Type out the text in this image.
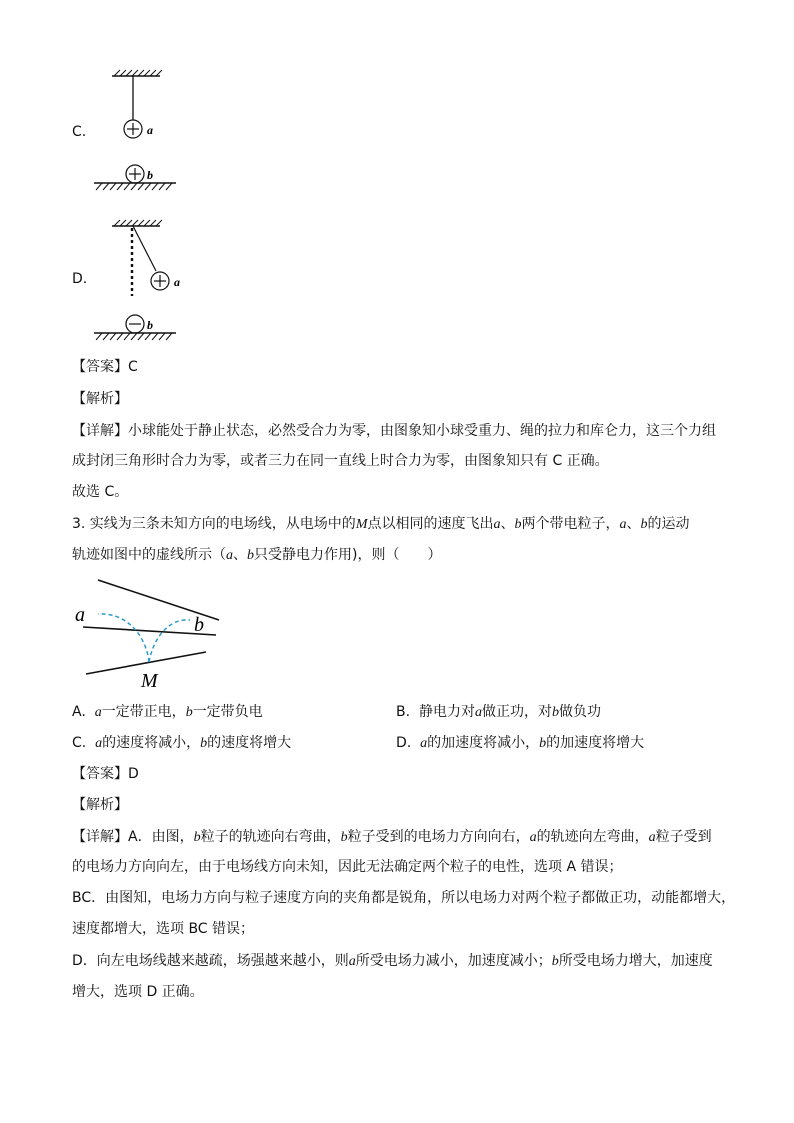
C.	a
b
D.	a
b
【答案】C
【解析】
【详解】小球能处于静止状态，必然受合力为零，由图象知小球受重力、绳的拉力和库仑力，这三个力组
成封闭三角形时合力为零，或者三力在同一直线上时合力为零，由图象知只有 C 正确。
故选 C。
3. 实线为三条未知方向的电场线，从电场中的M点以相同的速度飞出a、b两个带电粒子，a、b的运动
轨迹如图中的虚线所示（a、b只受静电力作用)，则（　　）
a	b
M
A. a一定带正电，b一定带负电	B. 静电力对a做正功，对b做负功
C. a的速度将减小，b的速度将增大	D. a的加速度将减小，b的加速度将增大
【答案】D
【解析】
【详解】A．由图，b粒子的轨迹向右弯曲，b粒子受到的电场力方向向右，a的轨迹向左弯曲，a粒子受到
的电场力方向向左，由于电场线方向未知，因此无法确定两个粒子的电性，选项 A 错误；
BC．由图知，电场力方向与粒子速度方向的夹角都是锐角，所以电场力对两个粒子都做正功，动能都增大，
速度都增大，选项 BC 错误；
D．向左电场线越来越疏，场强越来越小，则a所受电场力减小，加速度减小；b所受电场力增大，加速度
增大，选项 D 正确。
